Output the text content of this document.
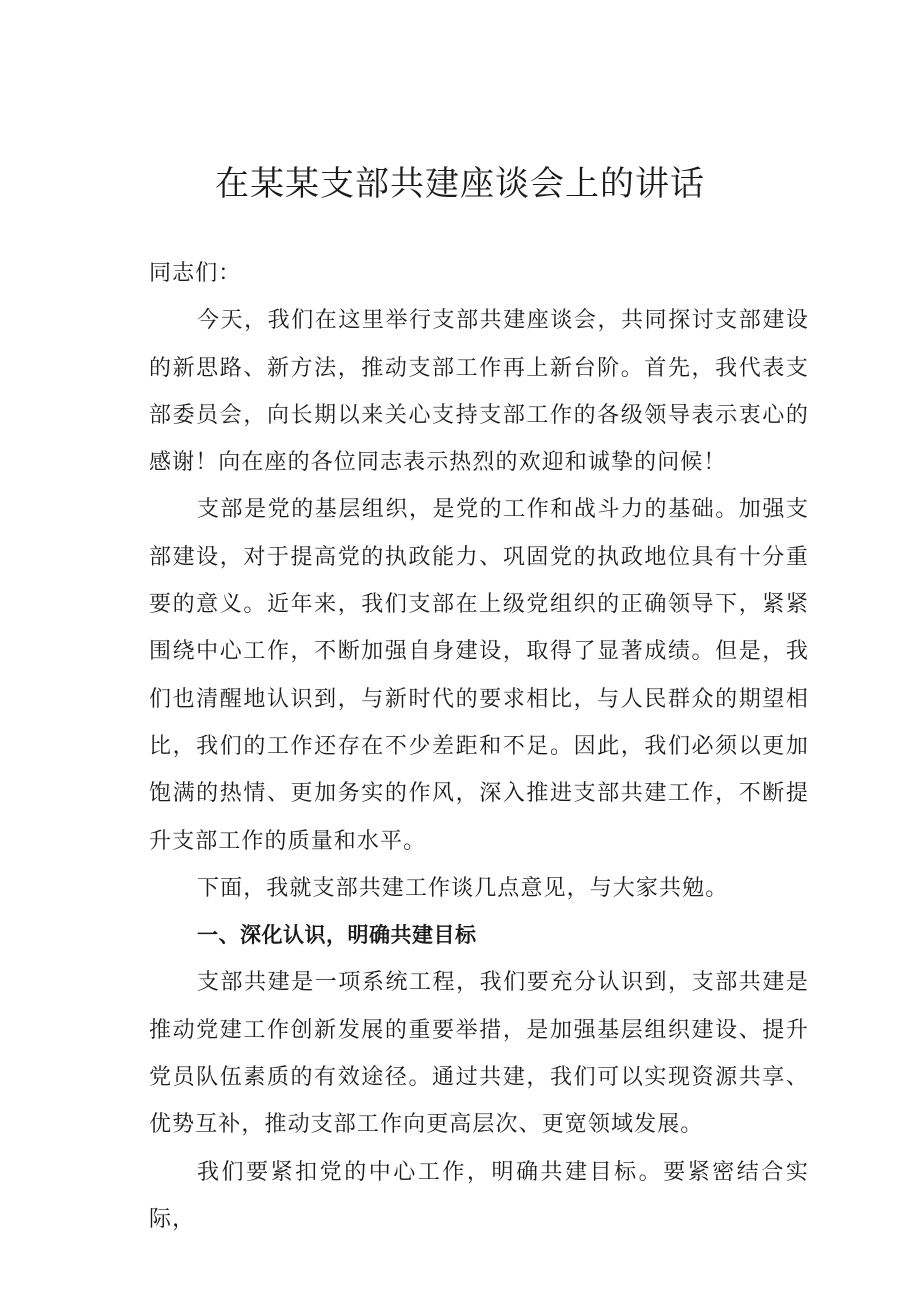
在某某支部共建座谈会上的讲话

同志们：

今天，我们在这里举行支部共建座谈会，共同探讨支部建设的新思路、新方法，推动支部工作再上新台阶。首先，我代表支部委员会，向长期以来关心支持支部工作的各级领导表示衷心的感谢！向在座的各位同志表示热烈的欢迎和诚挚的问候！

支部是党的基层组织，是党的工作和战斗力的基础。加强支部建设，对于提高党的执政能力、巩固党的执政地位具有十分重要的意义。近年来，我们支部在上级党组织的正确领导下，紧紧围绕中心工作，不断加强自身建设，取得了显著成绩。但是，我们也清醒地认识到，与新时代的要求相比，与人民群众的期望相比，我们的工作还存在不少差距和不足。因此，我们必须以更加饱满的热情、更加务实的作风，深入推进支部共建工作，不断提升支部工作的质量和水平。

下面，我就支部共建工作谈几点意见，与大家共勉。

一、深化认识，明确共建目标

支部共建是一项系统工程，我们要充分认识到，支部共建是推动党建工作创新发展的重要举措，是加强基层组织建设、提升党员队伍素质的有效途径。通过共建，我们可以实现资源共享、优势互补，推动支部工作向更高层次、更宽领域发展。

我们要紧扣党的中心工作，明确共建目标。要紧密结合实际，
